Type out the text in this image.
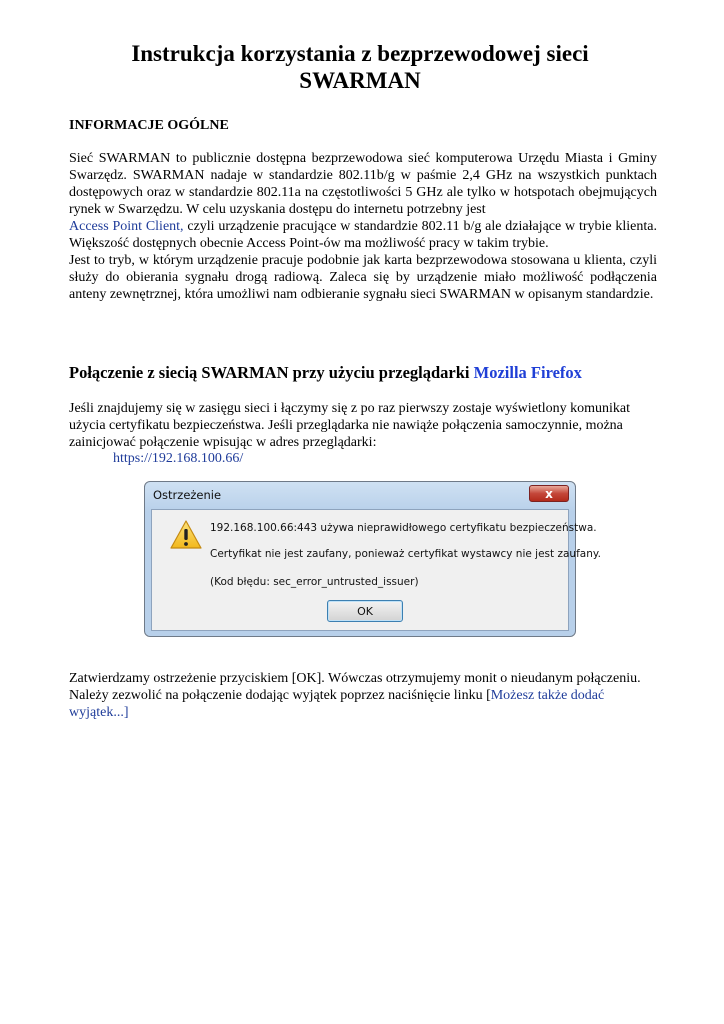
Instrukcja korzystania z bezprzewodowej sieci
SWARMAN
INFORMACJE OGÓLNE

Sieć SWARMAN to publicznie dostępna bezprzewodowa sieć komputerowa Urzędu Miasta i Gminy Swarzędz. SWARMAN nadaje w standardzie 802.11b/g w paśmie 2,4 GHz na wszystkich punktach dostępowych oraz w standardzie 802.11a na częstotliwości 5 GHz ale tylko w hotspotach obejmujących rynek w Swarzędzu. W celu uzyskania dostępu do internetu potrzebny jest
Access Point Client, czyli urządzenie pracujące w standardzie 802.11 b/g ale działające w trybie klienta. Większość dostępnych obecnie Access Point-ów ma możliwość pracy w takim trybie.

Jest to tryb, w którym urządzenie pracuje podobnie jak karta bezprzewodowa stosowana u klienta, czyli służy do obierania sygnału drogą radiową. Zaleca się by urządzenie miało możliwość podłączenia anteny zewnętrznej, która umożliwi nam odbieranie sygnału sieci SWARMAN w opisanym standardzie.

Połączenie z siecią SWARMAN przy użyciu przeglądarki Mozilla Firefox

Jeśli znajdujemy się w zasięgu sieci i łączymy się z po raz pierwszy zostaje wyświetlony komunikat użycia certyfikatu bezpieczeństwa. Jeśli przeglądarka nie nawiąże połączenia samoczynnie, można zainicjować połączenie wpisując w adres przeglądarki:

https://192.168.100.66/
Ostrzeżenie	x
192.168.100.66:443 używa nieprawidłowego certyfikatu bezpieczeństwa.
Certyfikat nie jest zaufany, ponieważ certyfikat wystawcy nie jest zaufany.
(Kod błędu: sec_error_untrusted_issuer)
OK

Zatwierdzamy ostrzeżenie przyciskiem [OK]. Wówczas otrzymujemy monit o nieudanym połączeniu. Należy zezwolić na połączenie dodając wyjątek poprzez naciśnięcie linku [Możesz także dodać wyjątek...]
